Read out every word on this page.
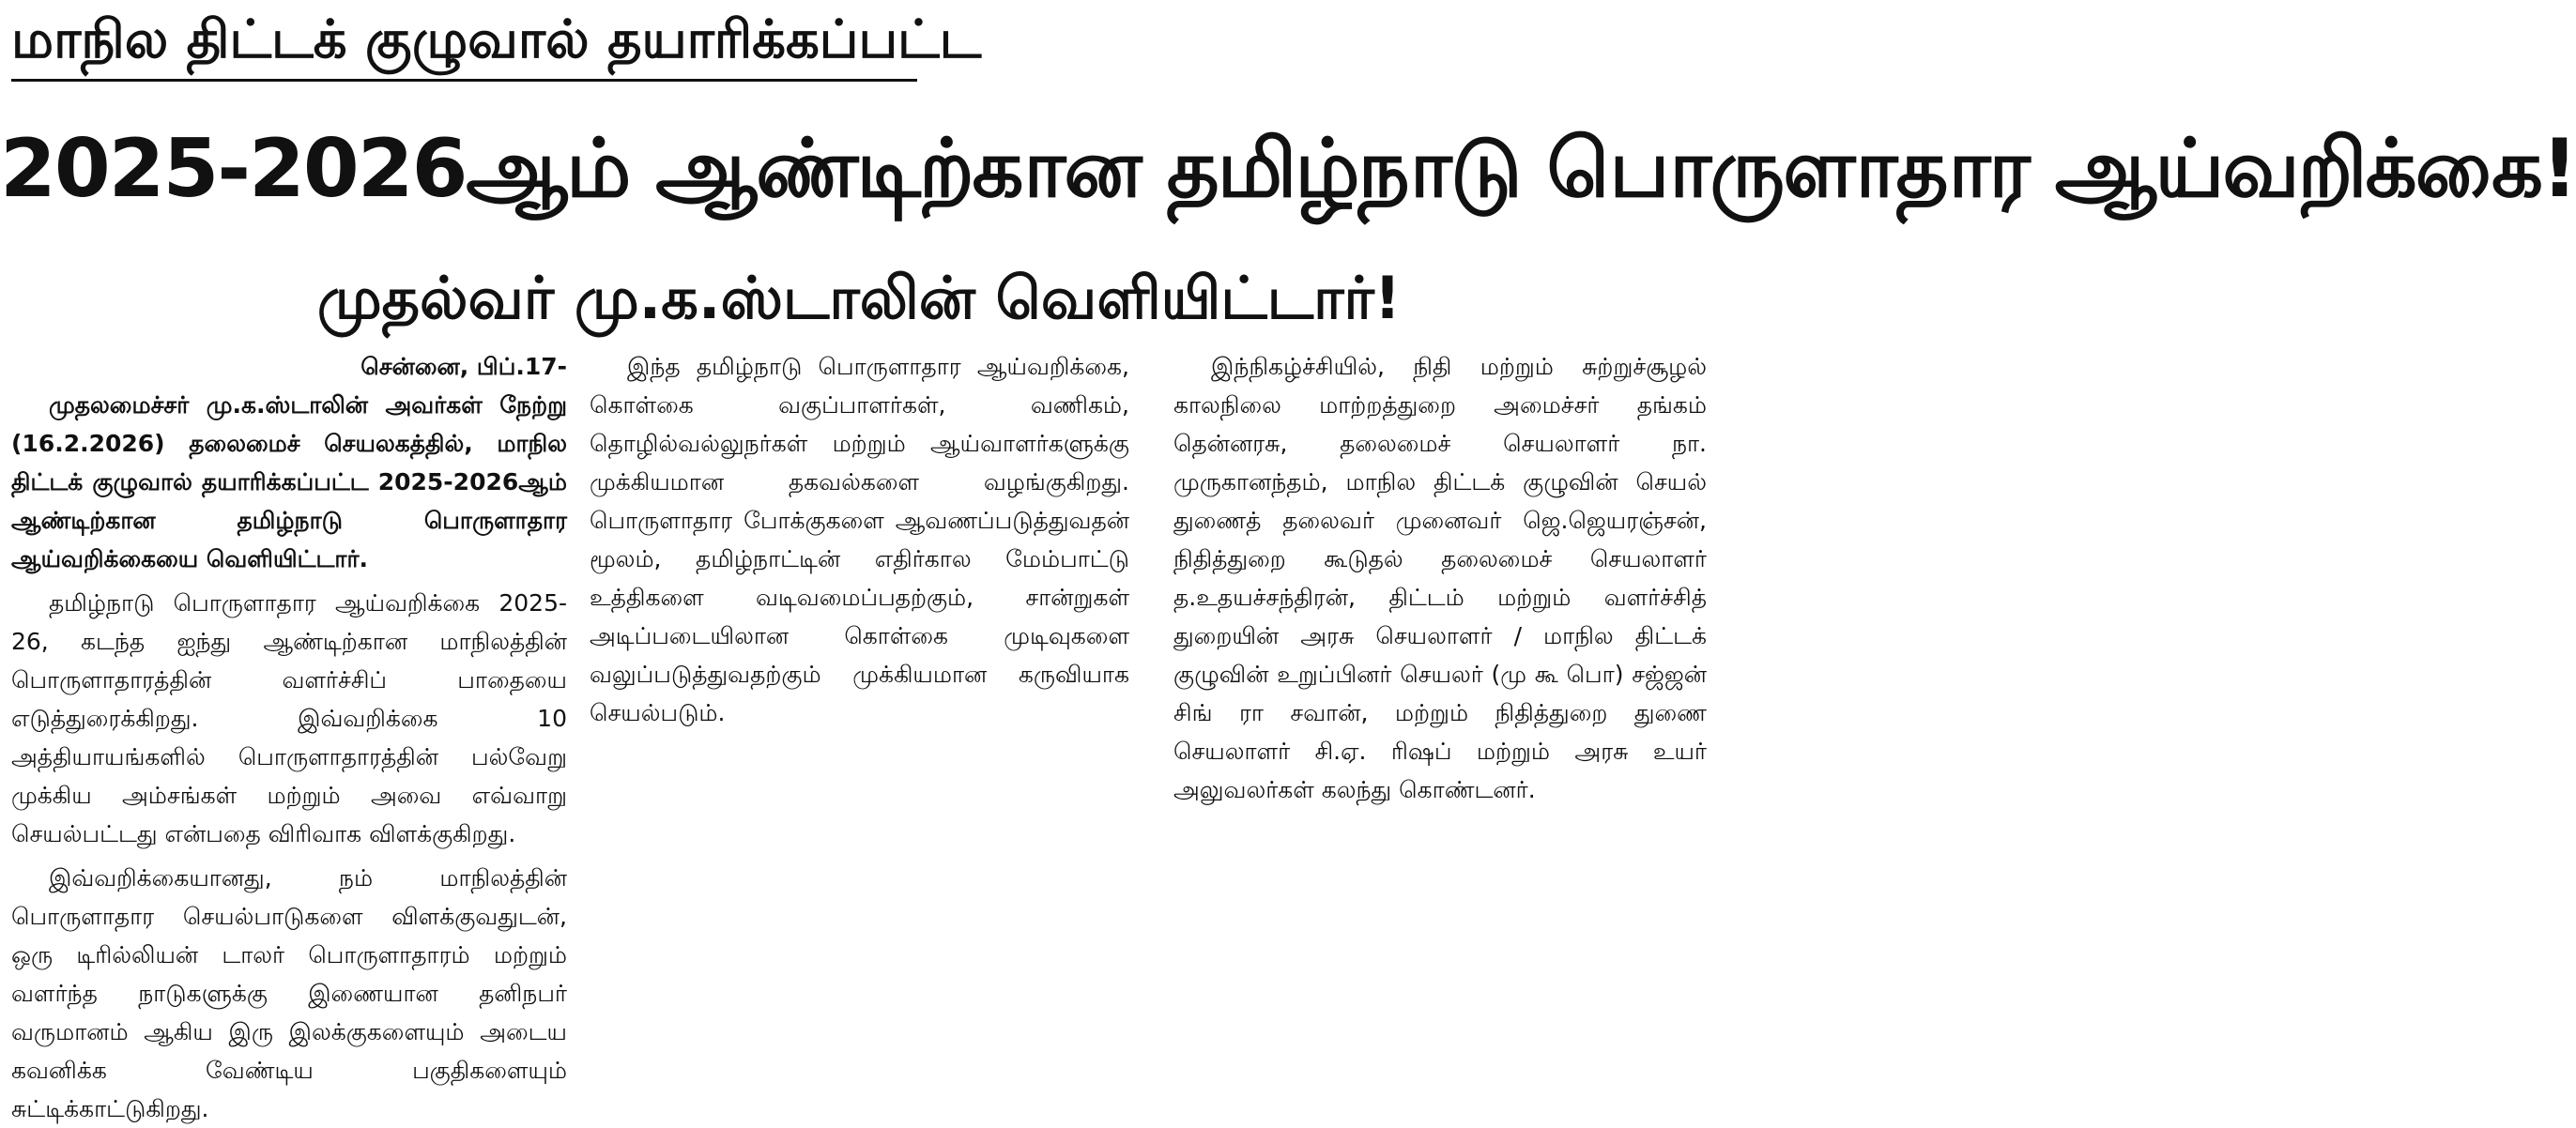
மாநில திட்டக் குழுவால் தயாரிக்கப்பட்ட
2025-2026ஆம் ஆண்டிற்கான தமிழ்நாடு பொருளாதார ஆய்வறிக்கை!
முதல்வர் மு.க.ஸ்டாலின் வெளியிட்டார்!

சென்னை, பிப்.17-

முதலமைச்சர் மு.க.ஸ்டாலின் அவர்கள் நேற்று (16.2.2026) தலைமைச் செயலகத்தில், மாநில திட்டக் குழுவால் தயாரிக்கப்பட்ட 2025-2026ஆம் ஆண்டிற்கான தமிழ்நாடு பொருளாதார ஆய்வறிக்கையை வெளியிட்டார்.

தமிழ்நாடு பொருளாதார ஆய்வறிக்கை 2025-26, கடந்த ஐந்து ஆண்டிற்கான மாநிலத்தின் பொருளாதாரத்தின் வளர்ச்சிப் பாதையை எடுத்துரைக்கிறது. இவ்வறிக்கை 10 அத்தியாயங்களில் பொருளாதாரத்தின் பல்வேறு முக்கிய அம்சங்கள் மற்றும் அவை எவ்வாறு செயல்பட்டது என்பதை விரிவாக விளக்குகிறது.

இவ்வறிக்கையானது, நம் மாநிலத்தின் பொருளாதார செயல்பாடுகளை விளக்குவதுடன், ஒரு டிரில்லியன் டாலர் பொருளாதாரம் மற்றும் வளர்ந்த நாடுகளுக்கு இணையான தனிநபர் வருமானம் ஆகிய இரு இலக்குகளையும் அடைய கவனிக்க வேண்டிய பகுதிகளையும் சுட்டிக்காட்டுகிறது.

இந்த தமிழ்நாடு பொருளாதார ஆய்வறிக்கை, கொள்கை வகுப்பாளர்கள், வணிகம், தொழில்வல்லுநர்கள் மற்றும் ஆய்வாளர்களுக்கு முக்கியமான தகவல்களை வழங்குகிறது. பொருளாதார போக்குகளை ஆவணப்படுத்துவதன் மூலம், தமிழ்நாட்டின் எதிர்கால மேம்பாட்டு உத்திகளை வடிவமைப்பதற்கும், சான்றுகள் அடிப்படையிலான கொள்கை முடிவுகளை வலுப்படுத்துவதற்கும் முக்கியமான கருவியாக செயல்படும்.

இந்நிகழ்ச்சியில், நிதி மற்றும் சுற்றுச்சூழல் காலநிலை மாற்றத்துறை அமைச்சர் தங்கம் தென்னரசு, தலைமைச் செயலாளர் நா. முருகானந்தம், மாநில திட்டக் குழுவின் செயல் துணைத் தலைவர் முனைவர் ஜெ.ஜெயரஞ்சன், நிதித்துறை கூடுதல் தலைமைச் செயலாளர் த.உதயச்சந்திரன், திட்டம் மற்றும் வளர்ச்சித் துறையின் அரசு செயலாளர் / மாநில திட்டக் குழுவின் உறுப்பினர் செயலர் (மு கூ பொ) சஜ்ஜன் சிங் ரா சவான், மற்றும் நிதித்துறை துணை செயலாளர் சி.ஏ. ரிஷப் மற்றும் அரசு உயர் அலுவலர்கள் கலந்து கொண்டனர்.
